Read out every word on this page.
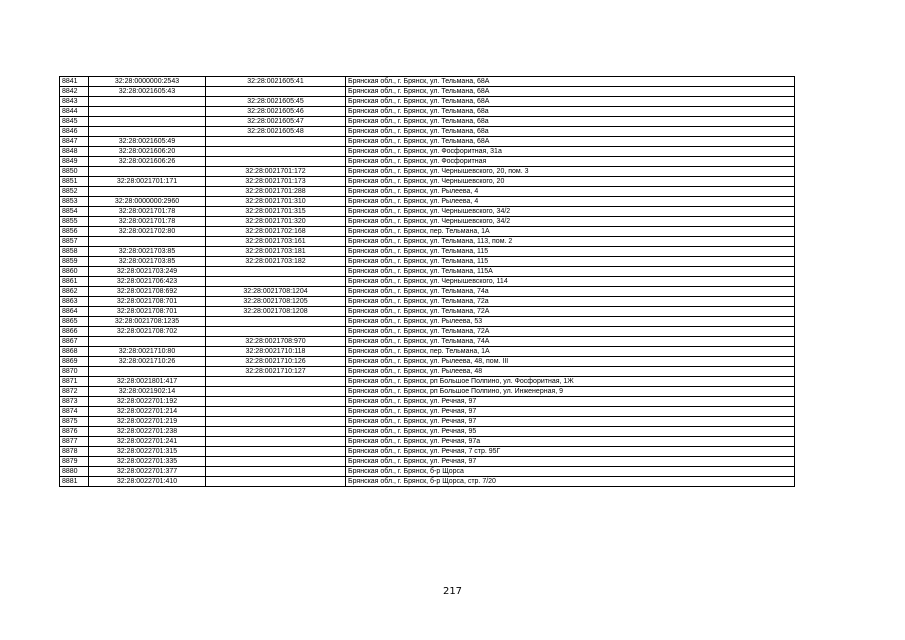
8841	32:28:0000000:2543	32:28:0021605:41	Брянская обл., г. Брянск, ул. Тельмана, 68А
8842	32:28:0021605:43		Брянская обл., г. Брянск, ул. Тельмана, 68А
8843		32:28:0021605:45	Брянская обл., г. Брянск, ул. Тельмана, 68А
8844		32:28:0021605:46	Брянская обл., г. Брянск, ул. Тельмана, 68а
8845		32:28:0021605:47	Брянская обл., г. Брянск, ул. Тельмана, 68а
8846		32:28:0021605:48	Брянская обл., г. Брянск, ул. Тельмана, 68а
8847	32:28:0021605:49		Брянская обл., г. Брянск, ул. Тельмана, 68А
8848	32:28:0021606:20		Брянская обл., г. Брянск, ул. Фосфоритная, 31а
8849	32:28:0021606:26		Брянская обл., г. Брянск, ул. Фосфоритная
8850		32:28:0021701:172	Брянская обл., г. Брянск, ул. Чернышевского, 20, пом. 3
8851	32:28:0021701:171	32:28:0021701:173	Брянская обл., г. Брянск, ул. Чернышевского, 20
8852		32:28:0021701:288	Брянская обл., г. Брянск, ул. Рылеева, 4
8853	32:28:0000000:2960	32:28:0021701:310	Брянская обл., г. Брянск, ул. Рылеева, 4
8854	32:28:0021701:78	32:28:0021701:315	Брянская обл., г. Брянск, ул. Чернышевского, 34/2
8855	32:28:0021701:78	32:28:0021701:320	Брянская обл., г. Брянск, ул. Чернышевского, 34/2
8856	32:28:0021702:80	32:28:0021702:168	Брянская обл., г. Брянск, пер. Тельмана, 1А
8857		32:28:0021703:161	Брянская обл., г. Брянск, ул. Тельмана, 113, пом. 2
8858	32:28:0021703:85	32:28:0021703:181	Брянская обл., г. Брянск, ул. Тельмана, 115
8859	32:28:0021703:85	32:28:0021703:182	Брянская обл., г. Брянск, ул. Тельмана, 115
8860	32:28:0021703:249		Брянская обл., г. Брянск, ул. Тельмана, 115А
8861	32:28:0021706:423		Брянская обл., г. Брянск, ул. Чернышевского, 114
8862	32:28:0021708:692	32:28:0021708:1204	Брянская обл., г. Брянск, ул. Тельмана, 74а
8863	32:28:0021708:701	32:28:0021708:1205	Брянская обл., г. Брянск, ул. Тельмана, 72а
8864	32:28:0021708:701	32:28:0021708:1208	Брянская обл., г. Брянск, ул. Тельмана, 72А
8865	32:28:0021708:1235		Брянская обл., г. Брянск, ул. Рылеева, 53
8866	32:28:0021708:702		Брянская обл., г. Брянск, ул. Тельмана, 72А
8867		32:28:0021708:970	Брянская обл., г. Брянск, ул. Тельмана, 74А
8868	32:28:0021710:80	32:28:0021710:118	Брянская обл., г. Брянск, пер. Тельмана, 1А
8869	32:28:0021710:26	32:28:0021710:126	Брянская обл., г. Брянск, ул. Рылеева, 48, пом. III
8870		32:28:0021710:127	Брянская обл., г. Брянск, ул. Рылеева, 48
8871	32:28:0021801:417		Брянская обл., г. Брянск, рп Большое Полпино, ул. Фосфоритная, 1Ж
8872	32:28:0021902:14		Брянская обл., г. Брянск, рп Большое Полпино, ул. Инженерная, 9
8873	32:28:0022701:192		Брянская обл., г. Брянск, ул. Речная, 97
8874	32:28:0022701:214		Брянская обл., г. Брянск, ул. Речная, 97
8875	32:28:0022701:219		Брянская обл., г. Брянск, ул. Речная, 97
8876	32:28:0022701:238		Брянская обл., г. Брянск, ул. Речная, 95
8877	32:28:0022701:241		Брянская обл., г. Брянск, ул. Речная, 97а
8878	32:28:0022701:315		Брянская обл., г. Брянск, ул. Речная, 7 стр. 95Г
8879	32:28:0022701:335		Брянская обл., г. Брянск, ул. Речная, 97
8880	32:28:0022701:377		Брянская обл., г. Брянск, б-р Щорса
8881	32:28:0022701:410		Брянская обл., г. Брянск, б-р Щорса, стр. 7/20
217
